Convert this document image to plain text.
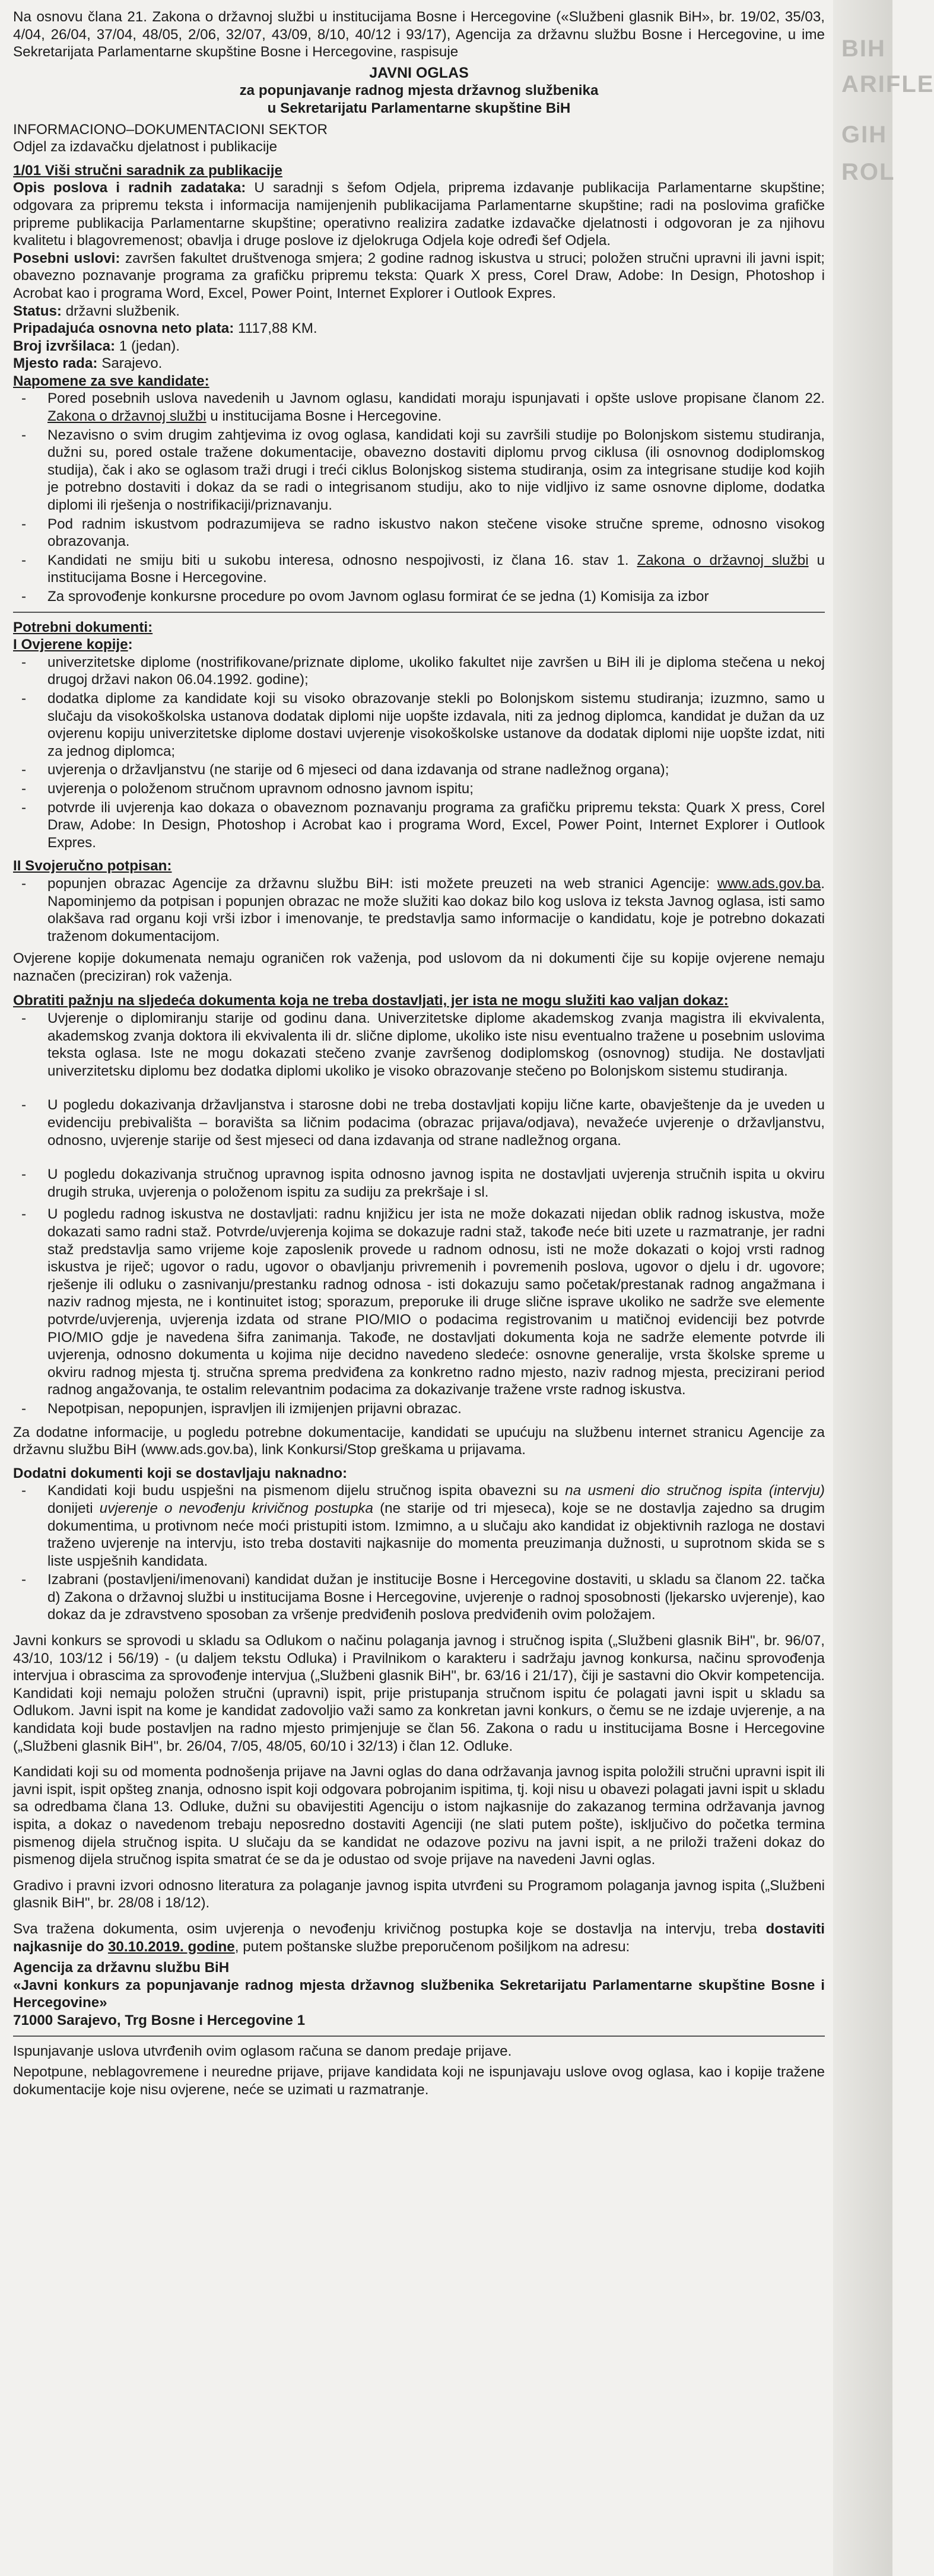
BIH
ARIFLE
GIH
ROL

Na osnovu člana 21. Zakona o državnoj službi u institucijama Bosne i Hercegovine («Službeni glasnik BiH», br. 19/02, 35/03, 4/04, 26/04, 37/04, 48/05, 2/06, 32/07, 43/09, 8/10, 40/12 i 93/17), Agencija za državnu službu Bosne i Hercegovine, u ime Sekretarijata Parlamentarne skupštine Bosne i Hercegovine, raspisuje

JAVNI OGLAS

za popunjavanje radnog mjesta državnog službenika

u Sekretarijatu Parlamentarne skupštine BiH

INFORMACIONO–DOKUMENTACIONI SEKTOR

Odjel za izdavačku djelatnost i publikacije

1/01 Viši stručni saradnik za publikacije

Opis poslova i radnih zadataka: U saradnji s šefom Odjela, priprema izdavanje publikacija Parlamentarne skupštine; odgovara za pripremu teksta i informacija namijenjenih publikacijama Parlamentarne skupštine; radi na poslovima grafičke pripreme publikacija Parlamentarne skupštine; operativno realizira zadatke izdavačke djelatnosti i odgovoran je za njihovu kvalitetu i blagovremenost; obavlja i druge poslove iz djelokruga Odjela koje određi šef Odjela.

Posebni uslovi: završen fakultet društvenoga smjera; 2 godine radnog iskustva u struci; položen stručni upravni ili javni ispit; obavezno poznavanje programa za grafičku pripremu teksta: Quark X press, Corel Draw, Adobe: In Design, Photoshop i Acrobat kao i programa Word, Excel, Power Point, Internet Explorer i Outlook Expres.

Status: državni službenik.

Pripadajuća osnovna neto plata: 1117,88 KM.

Broj izvršilaca: 1 (jedan).

Mjesto rada: Sarajevo.

Napomene za sve kandidate:

- Pored posebnih uslova navedenih u Javnom oglasu, kandidati moraju ispunjavati i opšte uslove propisane članom 22. Zakona o državnoj službi u institucijama Bosne i Hercegovine.
- Nezavisno o svim drugim zahtjevima iz ovog oglasa, kandidati koji su završili studije po Bolonjskom sistemu studiranja, dužni su, pored ostale tražene dokumentacije, obavezno dostaviti diplomu prvog ciklusa (ili osnovnog dodiplomskog studija), čak i ako se oglasom traži drugi i treći ciklus Bolonjskog sistema studiranja, osim za integrisane studije kod kojih je potrebno dostaviti i dokaz da se radi o integrisanom studiju, ako to nije vidljivo iz same osnovne diplome, dodatka diplomi ili rješenja o nostrifikaciji/priznavanju.
- Pod radnim iskustvom podrazumijeva se radno iskustvo nakon stečene visoke stručne spreme, odnosno visokog obrazovanja.
- Kandidati ne smiju biti u sukobu interesa, odnosno nespojivosti, iz člana 16. stav 1. Zakona o državnoj službi u institucijama Bosne i Hercegovine.
- Za sprovođenje konkursne procedure po ovom Javnom oglasu formirat će se jedna (1) Komisija za izbor

Potrebni dokumenti:

I Ovjerene kopije:

- univerzitetske diplome (nostrifikovane/priznate diplome, ukoliko fakultet nije završen u BiH ili je diploma stečena u nekoj drugoj državi nakon 06.04.1992. godine);
- dodatka diplome za kandidate koji su visoko obrazovanje stekli po Bolonjskom sistemu studiranja; izuzmno, samo u slučaju da visokoškolska ustanova dodatak diplomi nije uopšte izdavala, niti za jednog diplomca, kandidat je dužan da uz ovjerenu kopiju univerzitetske diplome dostavi uvjerenje visokoškolske ustanove da dodatak diplomi nije uopšte izdat, niti za jednog diplomca;
- uvjerenja o državljanstvu (ne starije od 6 mjeseci od dana izdavanja od strane nadležnog organa);
- uvjerenja o položenom stručnom upravnom odnosno javnom ispitu;
- potvrde ili uvjerenja kao dokaza o obaveznom poznavanju programa za grafičku pripremu teksta: Quark X press, Corel Draw, Adobe: In Design, Photoshop i Acrobat kao i programa Word, Excel, Power Point, Internet Explorer i Outlook Expres.

II Svojeručno potpisan:

- popunjen obrazac Agencije za državnu službu BiH: isti možete preuzeti na web stranici Agencije: www.ads.gov.ba. Napominjemo da potpisan i popunjen obrazac ne može služiti kao dokaz bilo kog uslova iz teksta Javnog oglasa, isti samo olakšava rad organu koji vrši izbor i imenovanje, te predstavlja samo informacije o kandidatu, koje je potrebno dokazati traženom dokumentacijom.

Ovjerene kopije dokumenata nemaju ograničen rok važenja, pod uslovom da ni dokumenti čije su kopije ovjerene nemaju naznačen (preciziran) rok važenja.

Obratiti pažnju na sljedeća dokumenta koja ne treba dostavljati, jer ista ne mogu služiti kao valjan dokaz:

- Uvjerenje o diplomiranju starije od godinu dana. Univerzitetske diplome akademskog zvanja magistra ili ekvivalenta, akademskog zvanja doktora ili ekvivalenta ili dr. slične diplome, ukoliko iste nisu eventualno tražene u posebnim uslovima teksta oglasa. Iste ne mogu dokazati stečeno zvanje završenog dodiplomskog (osnovnog) studija. Ne dostavljati univerzitetsku diplomu bez dodatka diplomi ukoliko je visoko obrazovanje stečeno po Bolonjskom sistemu studiranja.
- U pogledu dokazivanja državljanstva i starosne dobi ne treba dostavljati kopiju lične karte, obavještenje da je uveden u evidenciju prebivališta – boravišta sa ličnim podacima (obrazac prijava/odjava), nevažeće uvjerenje o državljanstvu, odnosno, uvjerenje starije od šest mjeseci od dana izdavanja od strane nadležnog organa.
- U pogledu dokazivanja stručnog upravnog ispita odnosno javnog ispita ne dostavljati uvjerenja stručnih ispita u okviru drugih struka, uvjerenja o položenom ispitu za sudiju za prekršaje i sl.
- U pogledu radnog iskustva ne dostavljati: radnu knjižicu jer ista ne može dokazati nijedan oblik radnog iskustva, može dokazati samo radni staž. Potvrde/uvjerenja kojima se dokazuje radni staž, takođe neće biti uzete u razmatranje, jer radni staž predstavlja samo vrijeme koje zaposlenik provede u radnom odnosu, isti ne može dokazati o kojoj vrsti radnog iskustva je riječ; ugovor o radu, ugovor o obavljanju privremenih i povremenih poslova, ugovor o djelu i dr. ugovore; rješenje ili odluku o zasnivanju/prestanku radnog odnosa - isti dokazuju samo početak/prestanak radnog angažmana i naziv radnog mjesta, ne i kontinuitet istog; sporazum, preporuke ili druge slične isprave ukoliko ne sadrže sve elemente potvrde/uvjerenja, uvjerenja izdata od strane PIO/MIO o podacima registrovanim u matičnoj evidenciji bez potvrde PIO/MIO gdje je navedena šifra zanimanja. Takođe, ne dostavljati dokumenta koja ne sadrže elemente potvrde ili uvjerenja, odnosno dokumenta u kojima nije decidno navedeno sledeće: osnovne generalije, vrsta školske spreme u okviru radnog mjesta tj. stručna sprema predviđena za konkretno radno mjesto, naziv radnog mjesta, precizirani period radnog angažovanja, te ostalim relevantnim podacima za dokazivanje tražene vrste radnog iskustva.
- Nepotpisan, nepopunjen, ispravljen ili izmijenjen prijavni obrazac.

Za dodatne informacije, u pogledu potrebne dokumentacije, kandidati se upućuju na službenu internet stranicu Agencije za državnu službu BiH (www.ads.gov.ba), link Konkursi/Stop greškama u prijavama.

Dodatni dokumenti koji se dostavljaju naknadno:

- Kandidati koji budu uspješni na pismenom dijelu stručnog ispita obavezni su na usmeni dio stručnog ispita (intervju) donijeti uvjerenje o nevođenju krivičnog postupka (ne starije od tri mjeseca), koje se ne dostavlja zajedno sa drugim dokumentima, u protivnom neće moći pristupiti istom. Izmimno, a u slučaju ako kandidat iz objektivnih razloga ne dostavi traženo uvjerenje na intervju, isto treba dostaviti najkasnije do momenta preuzimanja dužnosti, u suprotnom skida se s liste uspješnih kandidata.
- Izabrani (postavljeni/imenovani) kandidat dužan je institucije Bosne i Hercegovine dostaviti, u skladu sa članom 22. tačka d) Zakona o državnoj službi u institucijama Bosne i Hercegovine, uvjerenje o radnoj sposobnosti (ljekarsko uvjerenje), kao dokaz da je zdravstveno sposoban za vršenje predviđenih poslova predviđenih ovim položajem.

Javni konkurs se sprovodi u skladu sa Odlukom o načinu polaganja javnog i stručnog ispita („Službeni glasnik BiH", br. 96/07, 43/10, 103/12 i 56/19) - (u daljem tekstu Odluka) i Pravilnikom o karakteru i sadržaju javnog konkursa, načinu sprovođenja intervjua i obrascima za sprovođenje intervjua („Službeni glasnik BiH", br. 63/16 i 21/17), čiji je sastavni dio Okvir kompetencija. Kandidati koji nemaju položen stručni (upravni) ispit, prije pristupanja stručnom ispitu će polagati javni ispit u skladu sa Odlukom. Javni ispit na kome je kandidat zadovoljio važi samo za konkretan javni konkurs, o čemu se ne izdaje uvjerenje, a na kandidata koji bude postavljen na radno mjesto primjenjuje se član 56. Zakona o radu u institucijama Bosne i Hercegovine („Službeni glasnik BiH", br. 26/04, 7/05, 48/05, 60/10 i 32/13) i član 12. Odluke.

Kandidati koji su od momenta podnošenja prijave na Javni oglas do dana održavanja javnog ispita položili stručni upravni ispit ili javni ispit, ispit opšteg znanja, odnosno ispit koji odgovara pobrojanim ispitima, tj. koji nisu u obavezi polagati javni ispit u skladu sa odredbama člana 13. Odluke, dužni su obavijestiti Agenciju o istom najkasnije do zakazanog termina održavanja javnog ispita, a dokaz o navedenom trebaju neposredno dostaviti Agenciji (ne slati putem pošte), isključivo do početka termina pismenog dijela stručnog ispita. U slučaju da se kandidat ne odazove pozivu na javni ispit, a ne priloži traženi dokaz do pismenog dijela stručnog ispita smatrat će se da je odustao od svoje prijave na navedeni Javni oglas.

Gradivo i pravni izvori odnosno literatura za polaganje javnog ispita utvrđeni su Programom polaganja javnog ispita („Službeni glasnik BiH", br. 28/08 i 18/12).

Sva tražena dokumenta, osim uvjerenja o nevođenju krivičnog postupka koje se dostavlja na intervju, treba dostaviti najkasnije do 30.10.2019. godine, putem poštanske službe preporučenom pošiljkom na adresu:

Agencija za državnu službu BiH

«Javni konkurs za popunjavanje radnog mjesta državnog službenika Sekretarijatu Parlamentarne skupštine Bosne i Hercegovine»

71000 Sarajevo, Trg Bosne i Hercegovine 1

Ispunjavanje uslova utvrđenih ovim oglasom računa se danom predaje prijave.

Nepotpune, neblagovremene i neuredne prijave, prijave kandidata koji ne ispunjavaju uslove ovog oglasa, kao i kopije tražene dokumentacije koje nisu ovjerene, neće se uzimati u razmatranje.
